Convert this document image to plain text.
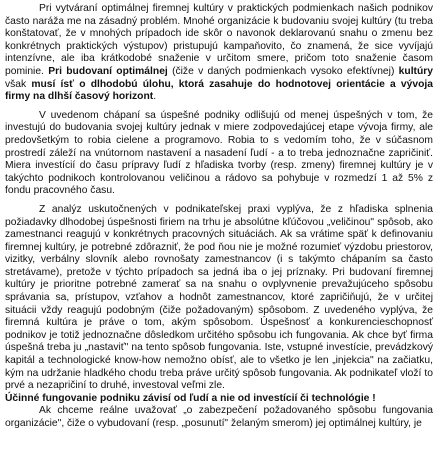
Pri vytváraní optimálnej firemnej kultúry v praktických podmienkach našich podnikov často naráža me na zásadný problém. Mnohé organizácie k budovaniu svojej kultúry (tu treba konštatovať, že v mnohých prípadoch ide skôr o navonok deklarovanú snahu o zmenu bez konkrétnych praktických výstupov) pristupujú kampaňovito, čo znamená, že sice vyvíjajú intenzívne, ale iba krátkodobé snaženie v určitom smere, pričom toto snaženie časom pominie. Pri budovaní optimálnej (čiže v daných podmienkach vysoko efektívnej) kultúry však musí ísť o dlhodobú úlohu, ktorá zasahuje do hodnotovej orientácie a vývoja firmy na dlhší časový horizont.

V uvedenom chápaní sa úspešné podniky odlišujú od menej úspešných v tom, že investujú do budovania svojej kultúry jednak v miere zodpovedajúcej etape vývoja firmy, ale predovšetkým to robia cielene a programovo. Robia to s vedomím toho, že v súčasnom prostredí záleží na vnútornom nastavení a nasadení ľudí - a to treba jednoznačne zapričiniť. Miera investícií do času prípravy ľudí z hľadiska tvorby (resp. zmeny) firemnej kultúry je v takýchto podnikoch kontrolovanou veličinou a rádovo sa pohybuje v rozmedzí 1 až 5% z fondu pracovného času.

Z analýz uskutočnených v podnikateľskej praxi vyplýva, že z hľadiska splnenia požiadavky dlhodobej úspešnosti firiem na trhu je absolútne kľúčovou „veličinou" spôsob, ako zamestnanci reagujú v konkrétnych pracovných situáciách. Ak sa vrátime späť k definovaniu firemnej kultúry, je potrebné zdôrazniť, že pod ňou nie je možné rozumieť výzdobu priestorov, vizitky, verbálny slovník alebo rovnošaty zamestnancov (i s takýmto chápaním sa často stretávame), pretože v týchto prípadoch sa jedná iba o jej príznaky. Pri budovaní firemnej kultúry je prioritne potrebné zamerať sa na snahu o ovplyvnenie prevažujúceho spôsobu správania sa, prístupov, vzťahov a hodnôt zamestnancov, ktoré zapričiňujú, že v určitej situácii vždy reagujú podobným (čiže požadovaným) spôsobom. Z uvedeného vyplýva, že firemná kultúra je práve o tom, akým spôsobom. Úspešnosť a konkurencieschopnosť podnikov je totiž jednoznačne dôsledkom určitého spôsobu ich fungovania. Ak chce byť firma úspešná treba ju „nastaviť" na tento spôsob fungovania. Iste, vstupné investície, prevádzkový kapitál a technologické know-how nemožno obísť, ale to všetko je len „injekcia" na začiatku, kým na udržanie hladkého chodu treba práve určitý spôsob fungovania. Ak podnikateľ vloží to prvé a nezapričiní to druhé, investoval veľmi zle.
Účinné fungovanie podniku závisí od ľudí a nie od investícií či technológie !

Ak chceme reálne uvažovať „o zabezpečení požadovaného spôsobu fungovania organizácie", čiže o vybudovaní (resp. „posunutí" želaným smerom) jej optimálnej kultúry, je
